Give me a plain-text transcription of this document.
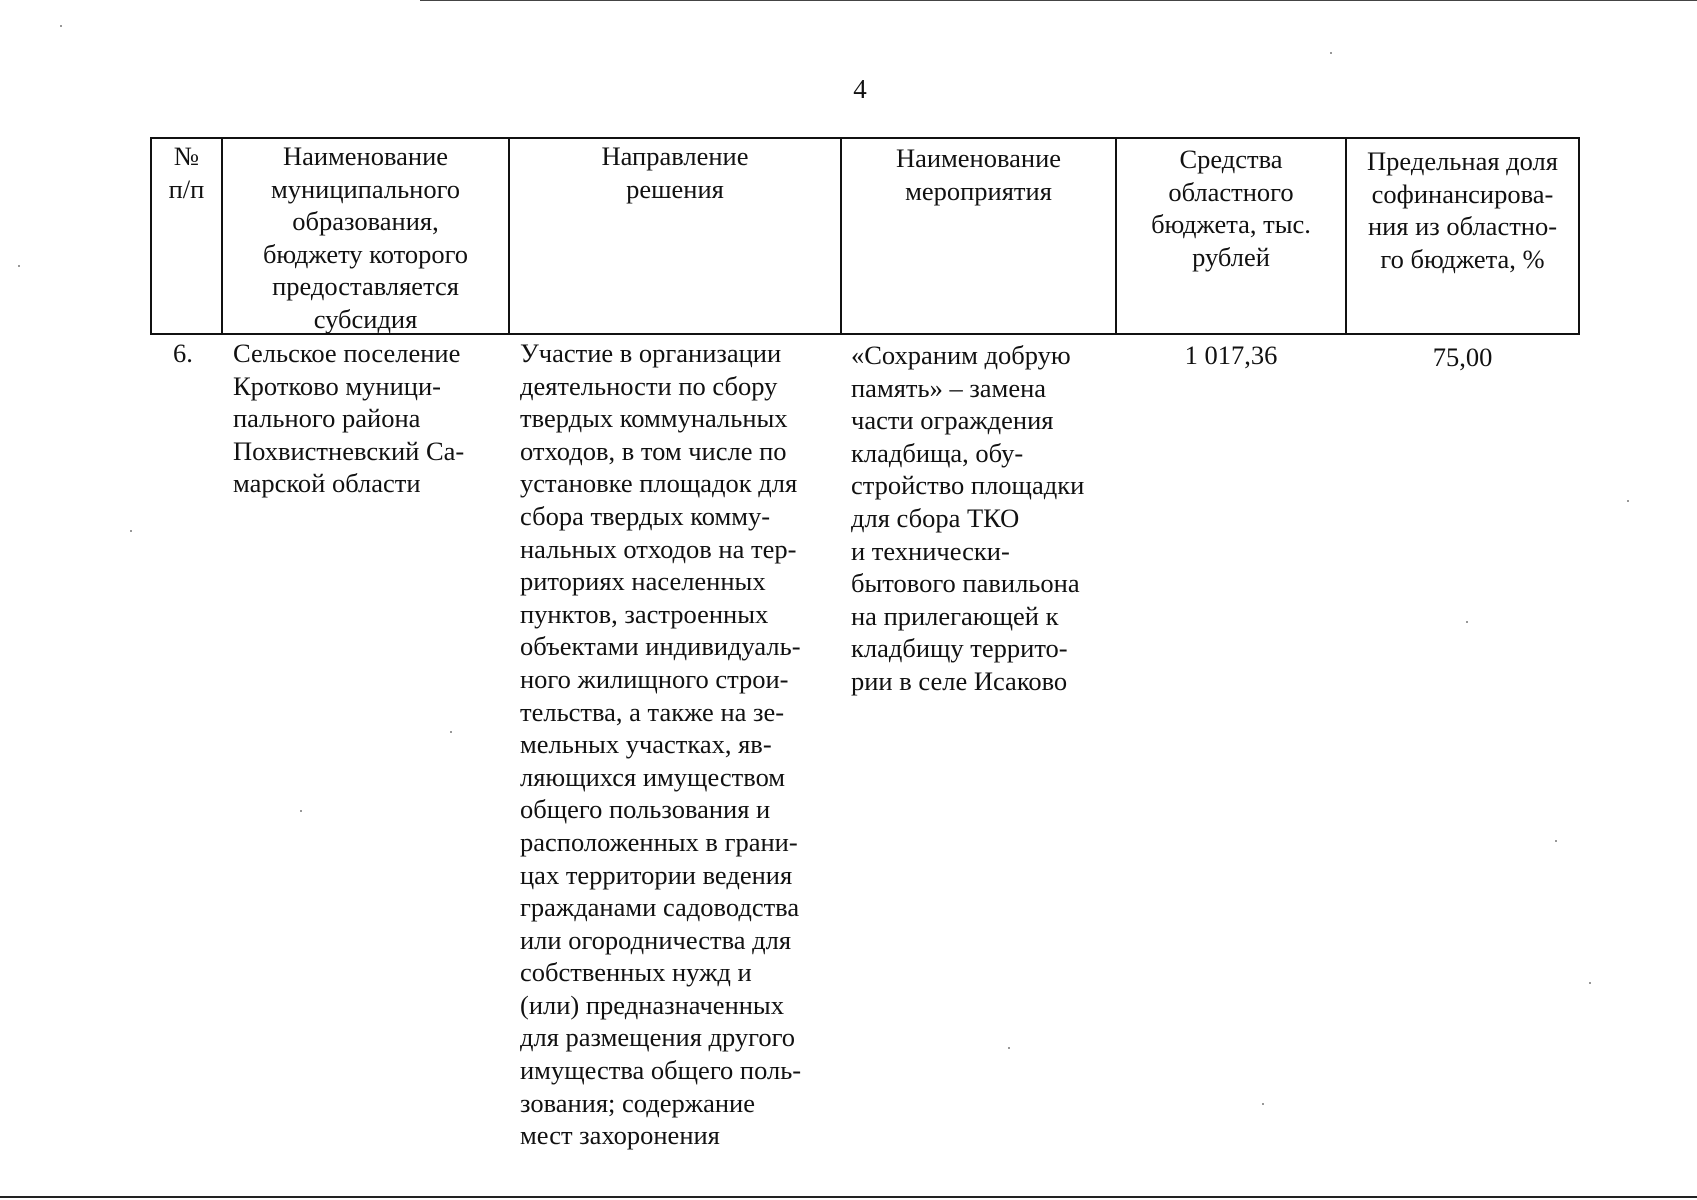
4
№
п/п
Наименование
муниципального
образования,
бюджету которого
предоставляется
субсидия
Направление
решения
Наименование
мероприятия
Средства
областного
бюджета, тыс.
рублей
Предельная доля
софинансирова-
ния из областно-
го бюджета, %
6. Сельское поселение
Кротково муници-
пального района
Похвистневский Са-
марской области
Участие в организации
деятельности по сбору
твердых коммунальных
отходов, в том числе по
установке площадок для
сбора твердых комму-
нальных отходов на тер-
риториях населенных
пунктов, застроенных
объектами индивидуаль-
ного жилищного строи-
тельства, а также на зе-
мельных участках, яв-
ляющихся имуществом
общего пользования и
расположенных в грани-
цах территории ведения
гражданами садоводства
или огородничества для
собственных нужд и
(или) предназначенных
для размещения другого
имущества общего поль-
зования; содержание
мест захоронения
«Сохраним добрую
память» – замена
части ограждения
кладбища, обу-
стройство площадки
для сбора ТКО
и технически-
бытового павильона
на прилегающей к
кладбищу террито-
рии в селе Исаково
1 017,36	75,00
